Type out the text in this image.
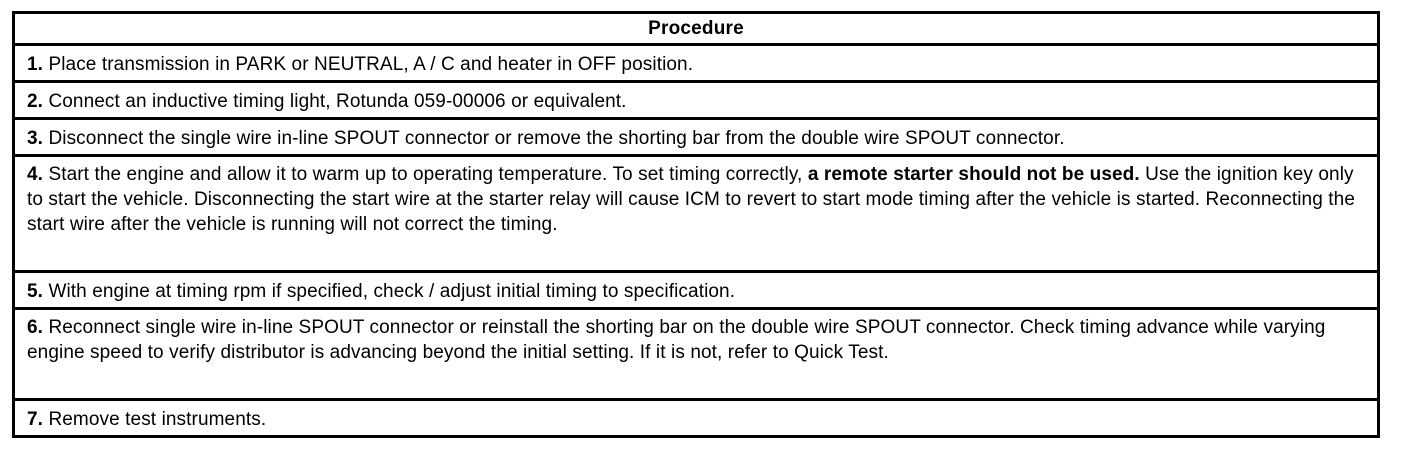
Procedure
1. Place transmission in PARK or NEUTRAL, A / C and heater in OFF position.
2. Connect an inductive timing light, Rotunda 059-00006 or equivalent.
3. Disconnect the single wire in-line SPOUT connector or remove the shorting bar from the double wire SPOUT connector.
4. Start the engine and allow it to warm up to operating temperature. To set timing correctly, a remote starter should not be used. Use the ignition key only to start the vehicle. Disconnecting the start wire at the starter relay will cause ICM to revert to start mode timing after the vehicle is started. Reconnecting the start wire after the vehicle is running will not correct the timing.
5. With engine at timing rpm if specified, check / adjust initial timing to specification.
6. Reconnect single wire in-line SPOUT connector or reinstall the shorting bar on the double wire SPOUT connector. Check timing advance while varying engine speed to verify distributor is advancing beyond the initial setting. If it is not, refer to Quick Test.
7. Remove test instruments.
